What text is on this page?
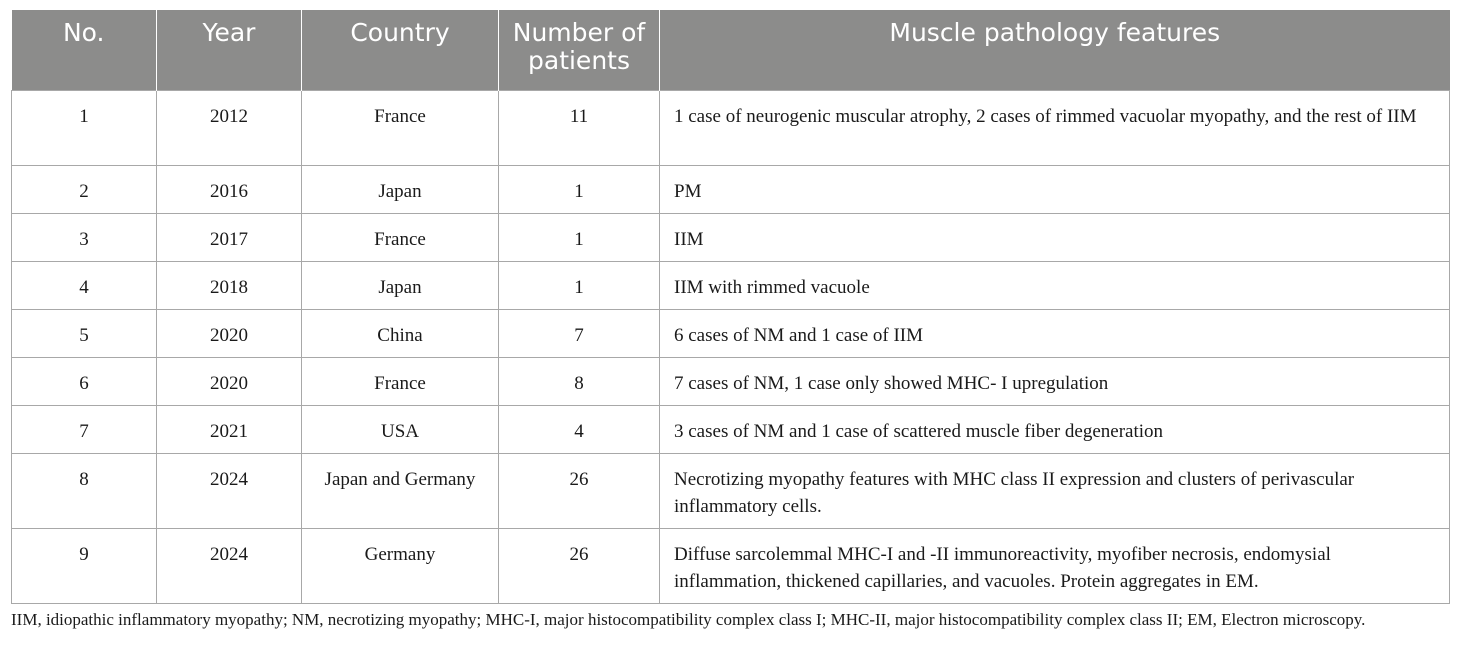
No.	Year	Country	Number of patients	Muscle pathology features
1	2012	France	11	1 case of neurogenic muscular atrophy, 2 cases of rimmed vacuolar myopathy, and the rest of IIM
2	2016	Japan	1	PM
3	2017	France	1	IIM
4	2018	Japan	1	IIM with rimmed vacuole
5	2020	China	7	6 cases of NM and 1 case of IIM
6	2020	France	8	7 cases of NM, 1 case only showed MHC- I upregulation
7	2021	USA	4	3 cases of NM and 1 case of scattered muscle fiber degeneration
8	2024	Japan and Germany	26	Necrotizing myopathy features with MHC class II expression and clusters of perivascular inflammatory cells.
9	2024	Germany	26	Diffuse sarcolemmal MHC-I and -II immunoreactivity, myofiber necrosis, endomysial inflammation, thickened capillaries, and vacuoles. Protein aggregates in EM.

IIM, idiopathic inflammatory myopathy; NM, necrotizing myopathy; MHC-I, major histocompatibility complex class I; MHC-II, major histocompatibility complex class II; EM, Electron microscopy.
